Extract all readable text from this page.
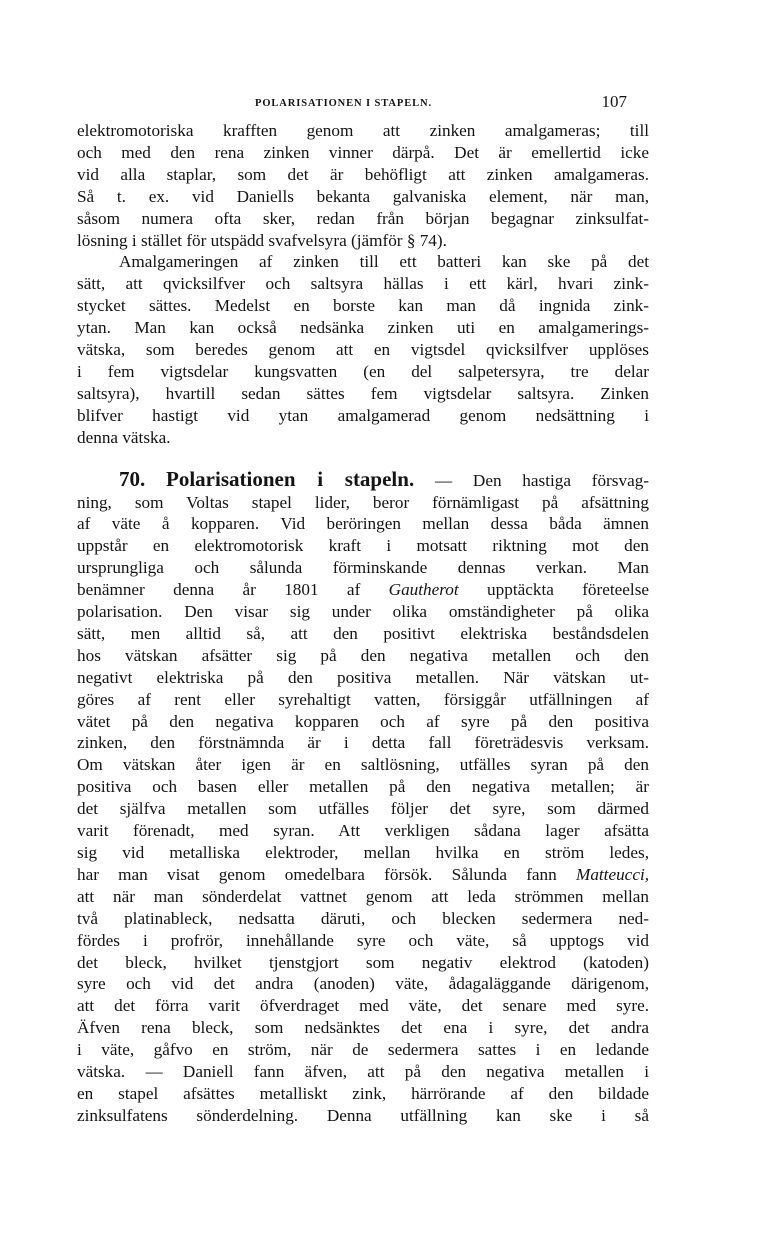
POLARISATIONEN I STAPELN.	107

elektromotoriska krafften genom att zinken amalgameras; till
och med den rena zinken vinner därpå. Det är emellertid icke
vid alla staplar, som det är behöfligt att zinken amalgameras.
Så t. ex. vid Daniells bekanta galvaniska element, när man,
såsom numera ofta sker, redan från början begagnar zinksulfat-
lösning i stället för utspädd svafvelsyra (jämför § 74).

Amalgameringen af zinken till ett batteri kan ske på det
sätt, att qvicksilfver och saltsyra hällas i ett kärl, hvari zink-
stycket sättes. Medelst en borste kan man då ingnida zink-
ytan. Man kan också nedsänka zinken uti en amalgamerings-
vätska, som beredes genom att en vigtsdel qvicksilfver upplöses
i fem vigtsdelar kungsvatten (en del salpetersyra, tre delar
saltsyra), hvartill sedan sättes fem vigtsdelar saltsyra. Zinken
blifver hastigt vid ytan amalgamerad genom nedsättning i
denna vätska.

70. Polarisationen i stapeln. — Den hastiga försvag-
ning, som Voltas stapel lider, beror förnämligast på afsättning
af väte å kopparen. Vid beröringen mellan dessa båda ämnen
uppstår en elektromotorisk kraft i motsatt riktning mot den
ursprungliga och sålunda förminskande dennas verkan. Man
benämner denna år 1801 af Gautherot upptäckta företeelse
polarisation. Den visar sig under olika omständigheter på olika
sätt, men alltid så, att den positivt elektriska beståndsdelen
hos vätskan afsätter sig på den negativa metallen och den
negativt elektriska på den positiva metallen. När vätskan ut-
göres af rent eller syrehaltigt vatten, försiggår utfällningen af
vätet på den negativa kopparen och af syre på den positiva
zinken, den förstnämnda är i detta fall företrädesvis verksam.
Om vätskan åter igen är en saltlösning, utfälles syran på den
positiva och basen eller metallen på den negativa metallen; är
det själfva metallen som utfälles följer det syre, som därmed
varit förenadt, med syran. Att verkligen sådana lager afsätta
sig vid metalliska elektroder, mellan hvilka en ström ledes,
har man visat genom omedelbara försök. Sålunda fann Matteucci,
att när man sönderdelat vattnet genom att leda strömmen mellan
två platinableck, nedsatta däruti, och blecken sedermera ned-
fördes i profrör, innehållande syre och väte, så upptogs vid
det bleck, hvilket tjenstgjort som negativ elektrod (katoden)
syre och vid det andra (anoden) väte, ådagaläggande därigenom,
att det förra varit öfverdraget med väte, det senare med syre.
Äfven rena bleck, som nedsänktes det ena i syre, det andra
i väte, gåfvo en ström, när de sedermera sattes i en ledande
vätska. — Daniell fann äfven, att på den negativa metallen i
en stapel afsättes metalliskt zink, härrörande af den bildade
zinksulfatens sönderdelning. Denna utfällning kan ske i så
